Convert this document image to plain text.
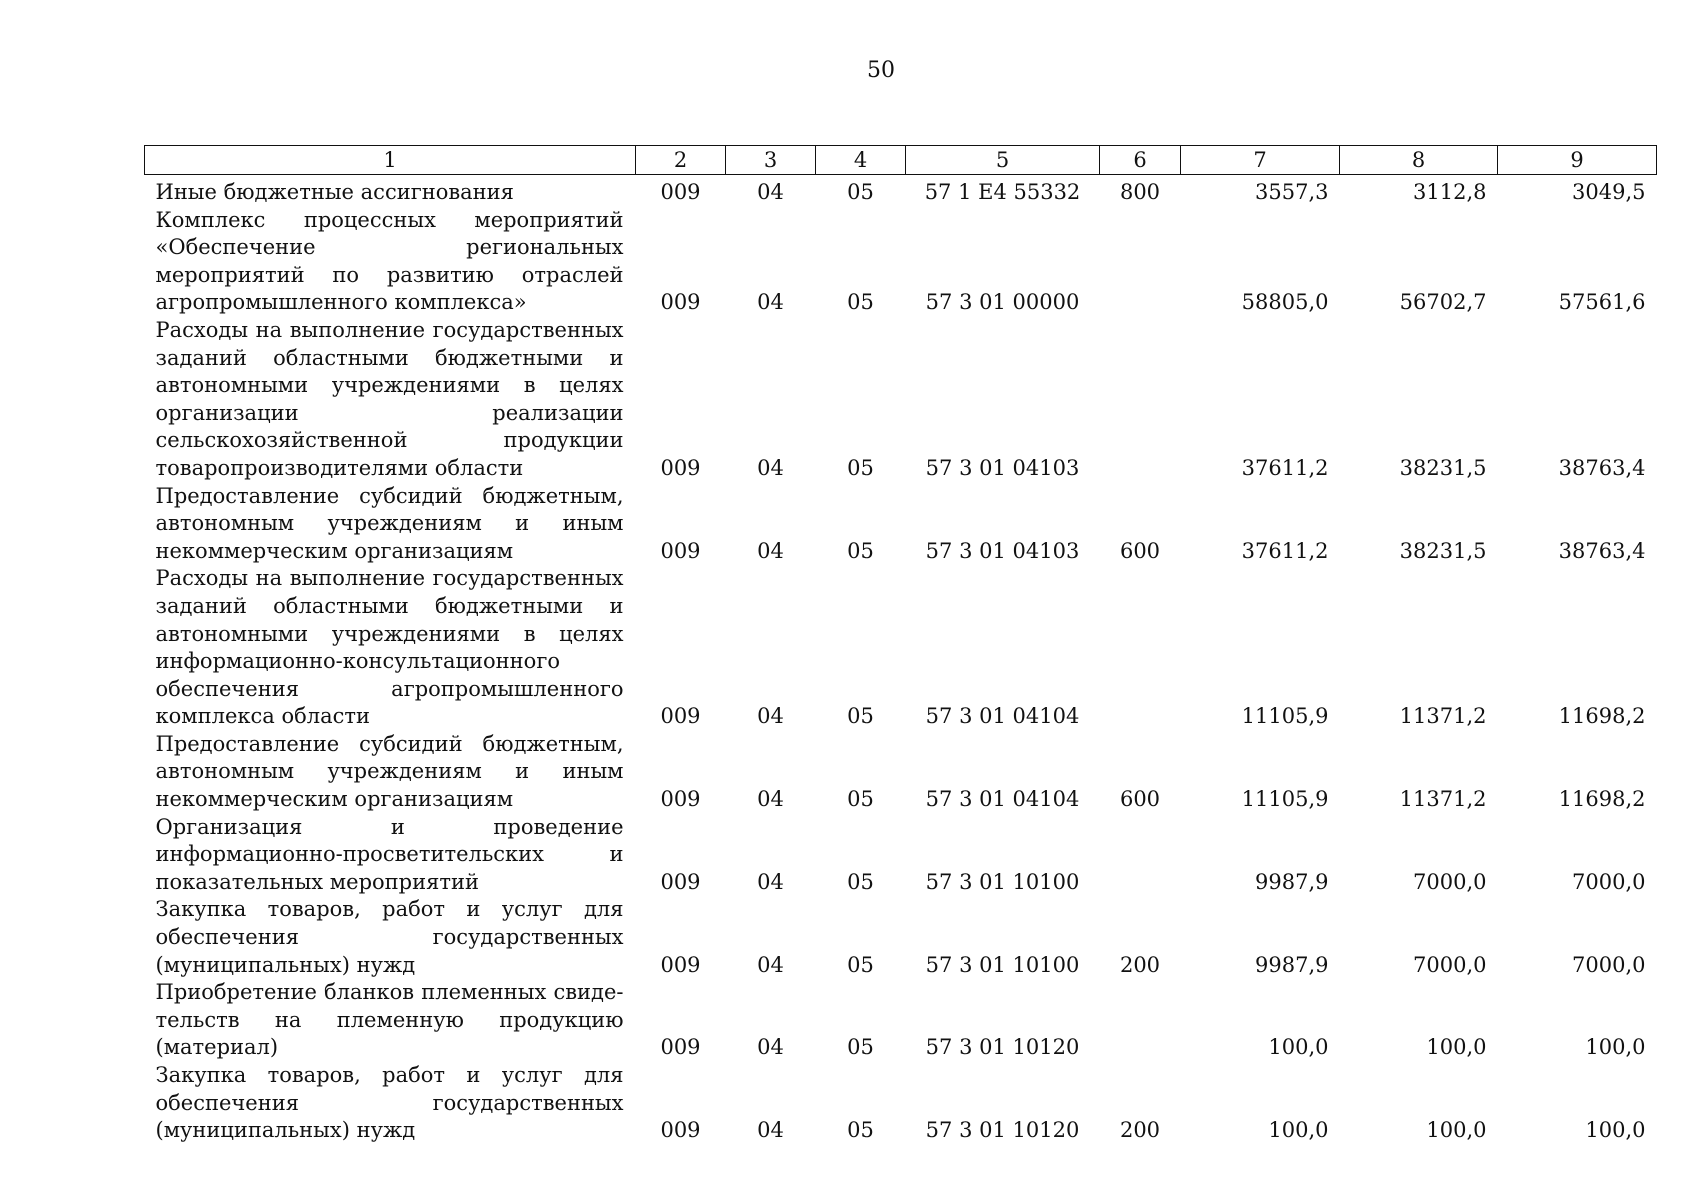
50
1	2	3	4	5	6	7	8	9
Иные бюджетные ассигнования	009	04	05	57 1 Е4 55332	800	3557,3	3112,8	3049,5
Комплекс процессных мероприятий «Обеспечение региональных мероприятий по развитию отраслей агропромышленного комплекса»	009	04	05	57 3 01 00000		58805,0	56702,7	57561,6
Расходы на выполнение государственных заданий областными бюджетными и автономными учреждениями в целях организации реализации сельскохозяйственной продукции товаропроизводителями области	009	04	05	57 3 01 04103		37611,2	38231,5	38763,4
Предоставление субсидий бюджетным, автономным учреждениям и иным некоммерческим организациям	009	04	05	57 3 01 04103	600	37611,2	38231,5	38763,4
Расходы на выполнение государственных заданий областными бюджетными и автономными учреждениями в целях информационно-консультационного обеспечения агропромышленного комплекса области	009	04	05	57 3 01 04104		11105,9	11371,2	11698,2
Предоставление субсидий бюджетным, автономным учреждениям и иным некоммерческим организациям	009	04	05	57 3 01 04104	600	11105,9	11371,2	11698,2
Организация и проведение информационно-просветительских и показательных мероприятий	009	04	05	57 3 01 10100		9987,9	7000,0	7000,0
Закупка товаров, работ и услуг для обеспечения государственных (муниципальных) нужд	009	04	05	57 3 01 10100	200	9987,9	7000,0	7000,0
Приобретение бланков племенных свидетельств на племенную продукцию (материал)	009	04	05	57 3 01 10120		100,0	100,0	100,0
Закупка товаров, работ и услуг для обеспечения государственных (муниципальных) нужд	009	04	05	57 3 01 10120	200	100,0	100,0	100,0
